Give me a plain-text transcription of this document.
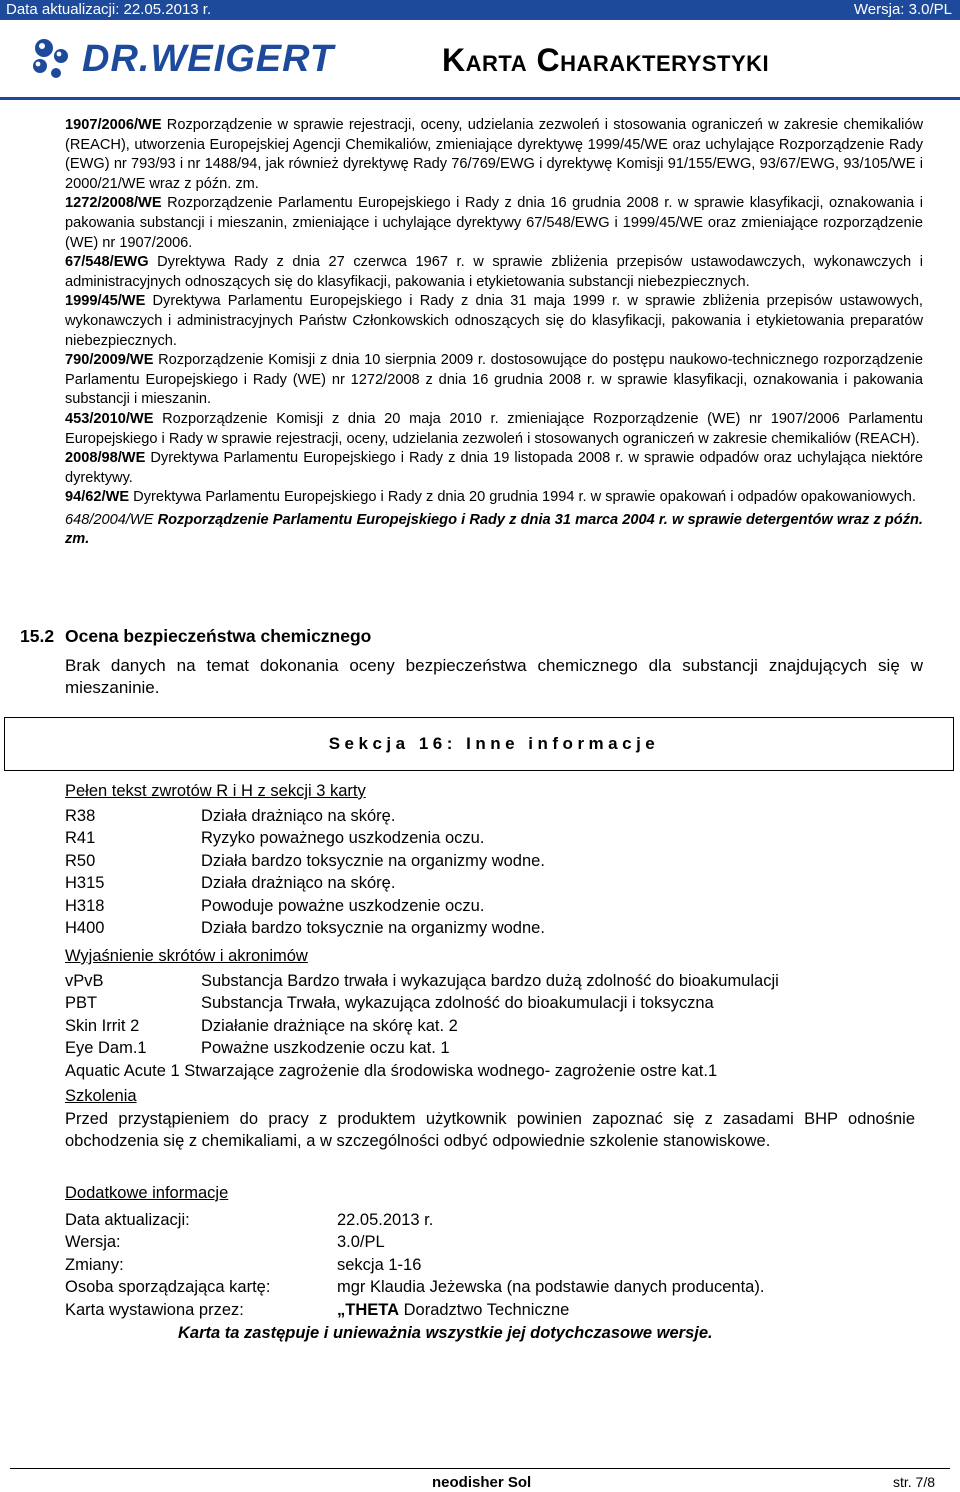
Data aktualizacji: 22.05.2013 r.	Wersja: 3.0/PL
DR.WEIGERT	Karta Charakterystyki

1907/2006/WE Rozporządzenie w sprawie rejestracji, oceny, udzielania zezwoleń i stosowania ograniczeń w zakresie chemikaliów (REACH), utworzenia Europejskiej Agencji Chemikaliów, zmieniające dyrektywę 1999/45/WE oraz uchylające Rozporządzenie Rady (EWG) nr 793/93 i nr 1488/94, jak również dyrektywę Rady 76/769/EWG i dyrektywę Komisji 91/155/EWG, 93/67/EWG, 93/105/WE i 2000/21/WE wraz z późn. zm.

1272/2008/WE Rozporządzenie Parlamentu Europejskiego i Rady z dnia 16 grudnia 2008 r. w sprawie klasyfikacji, oznakowania i pakowania substancji i mieszanin, zmieniające i uchylające dyrektywy 67/548/EWG i 1999/45/WE oraz zmieniające rozporządzenie (WE) nr 1907/2006.

67/548/EWG Dyrektywa Rady z dnia 27 czerwca 1967 r. w sprawie zbliżenia przepisów ustawodawczych, wykonawczych i administracyjnych odnoszących się do klasyfikacji, pakowania i etykietowania substancji niebezpiecznych.

1999/45/WE Dyrektywa Parlamentu Europejskiego i Rady z dnia 31 maja 1999 r. w sprawie zbliżenia przepisów ustawowych, wykonawczych i administracyjnych Państw Członkowskich odnoszących się do klasyfikacji, pakowania i etykietowania preparatów niebezpiecznych.

790/2009/WE Rozporządzenie Komisji z dnia 10 sierpnia 2009 r. dostosowujące do postępu naukowo-technicznego rozporządzenie Parlamentu Europejskiego i Rady (WE) nr 1272/2008 z dnia 16 grudnia 2008 r. w sprawie klasyfikacji, oznakowania i pakowania substancji i mieszanin.

453/2010/WE Rozporządzenie Komisji z dnia 20 maja 2010 r. zmieniające Rozporządzenie (WE) nr 1907/2006 Parlamentu Europejskiego i Rady w sprawie rejestracji, oceny, udzielania zezwoleń i stosowanych ograniczeń w zakresie chemikaliów (REACH).

2008/98/WE Dyrektywa Parlamentu Europejskiego i Rady z dnia 19 listopada 2008 r. w sprawie odpadów oraz uchylająca niektóre dyrektywy.

94/62/WE Dyrektywa Parlamentu Europejskiego i Rady z dnia 20 grudnia 1994 r. w sprawie opakowań i odpadów opakowaniowych.

648/2004/WE Rozporządzenie Parlamentu Europejskiego i Rady z dnia 31 marca 2004 r. w sprawie detergentów wraz z późn. zm.

15.2 Ocena bezpieczeństwa chemicznego
Brak danych na temat dokonania oceny bezpieczeństwa chemicznego dla substancji znajdujących się w mieszaninie.
Sekcja 16: Inne informacje
Pełen tekst zwrotów R i H z sekcji 3 karty
R38	Działa drażniąco na skórę.
R41	Ryzyko poważnego uszkodzenia oczu.
R50	Działa bardzo toksycznie na organizmy wodne.
H315	Działa drażniąco na skórę.
H318	Powoduje poważne uszkodzenie oczu.
H400	Działa bardzo toksycznie na organizmy wodne.
Wyjaśnienie skrótów i akronimów
vPvB	Substancja Bardzo trwała i wykazująca bardzo dużą zdolność do bioakumulacji
PBT	Substancja Trwała, wykazująca zdolność do bioakumulacji i toksyczna
Skin Irrit 2	Działanie drażniące na skórę kat. 2
Eye Dam.1	Poważne uszkodzenie oczu kat. 1
Aquatic Acute 1 Stwarzające zagrożenie dla środowiska wodnego- zagrożenie ostre kat.1
Szkolenia
Przed przystąpieniem do pracy z produktem użytkownik powinien zapoznać się z zasadami BHP odnośnie obchodzenia się z chemikaliami, a w szczególności odbyć odpowiednie szkolenie stanowiskowe.
Dodatkowe informacje
Data aktualizacji:	22.05.2013 r.
Wersja:	3.0/PL
Zmiany:	sekcja 1-16
Osoba sporządzająca kartę:	mgr Klaudia Jeżewska (na podstawie danych producenta).
Karta wystawiona przez:	„THETA Doradztwo Techniczne
Karta ta zastępuje i unieważnia wszystkie jej dotychczasowe wersje.
neodisher Sol	str. 7/8
